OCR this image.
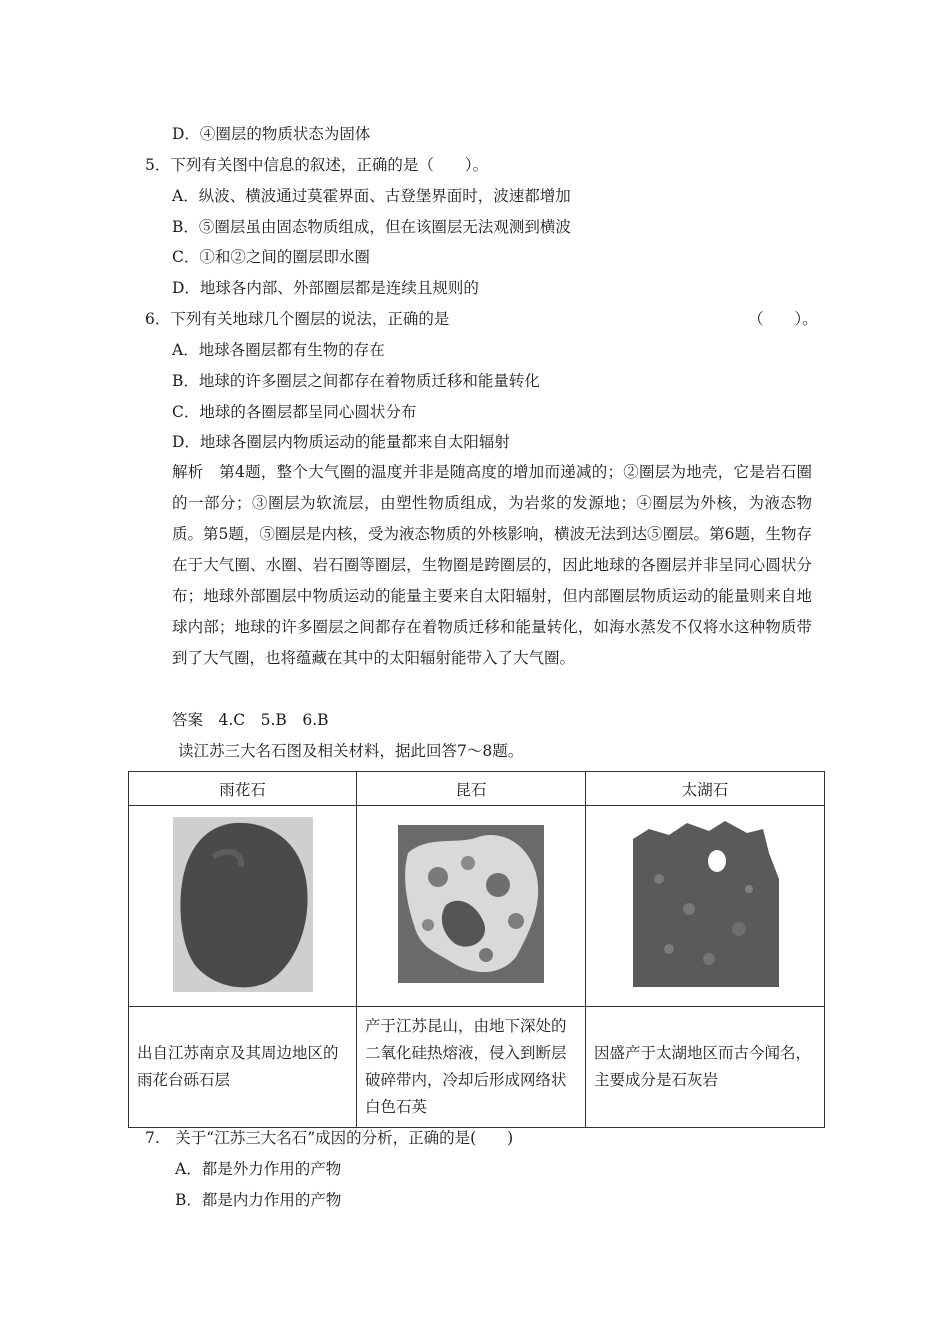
D．④圈层的物质状态为固体
5．下列有关图中信息的叙述，正确的是（　　）。
A．纵波、横波通过莫霍界面、古登堡界面时，波速都增加
B．⑤圈层虽由固态物质组成，但在该圈层无法观测到横波
C．①和②之间的圈层即水圈
D．地球各内部、外部圈层都是连续且规则的
6．下列有关地球几个圈层的说法，正确的是	（　　）。
A．地球各圈层都有生物的存在
B．地球的许多圈层之间都存在着物质迁移和能量转化
C．地球的各圈层都呈同心圆状分布
D．地球各圈层内物质运动的能量都来自太阳辐射
解析　第4题，整个大气圈的温度并非是随高度的增加而递减的；②圈层为地壳，它是岩石圈的一部分；③圈层为软流层，由塑性物质组成，为岩浆的发源地；④圈层为外核，为液态物质。第5题，⑤圈层是内核，受为液态物质的外核影响，横波无法到达⑤圈层。第6题，生物存在于大气圈、水圈、岩石圈等圈层，生物圈是跨圈层的，因此地球的各圈层并非呈同心圆状分布；地球外部圈层中物质运动的能量主要来自太阳辐射，但内部圈层物质运动的能量则来自地球内部；地球的许多圈层之间都存在着物质迁移和能量转化，如海水蒸发不仅将水这种物质带到了大气圈，也将蕴藏在其中的太阳辐射能带入了大气圈。
答案　4.C　5.B　6.B
读江苏三大名石图及相关材料，据此回答7～8题。
雨花石	昆石	太湖石

出自江苏南京及其周边地区的雨花台砾石层	产于江苏昆山，由地下深处的二氧化硅热熔液，侵入到断层破碎带内，冷却后形成网络状白色石英	因盛产于太湖地区而古今闻名，主要成分是石灰岩
7.　关于“江苏三大名石”成因的分析，正确的是(　　)
A．都是外力作用的产物
B．都是内力作用的产物
